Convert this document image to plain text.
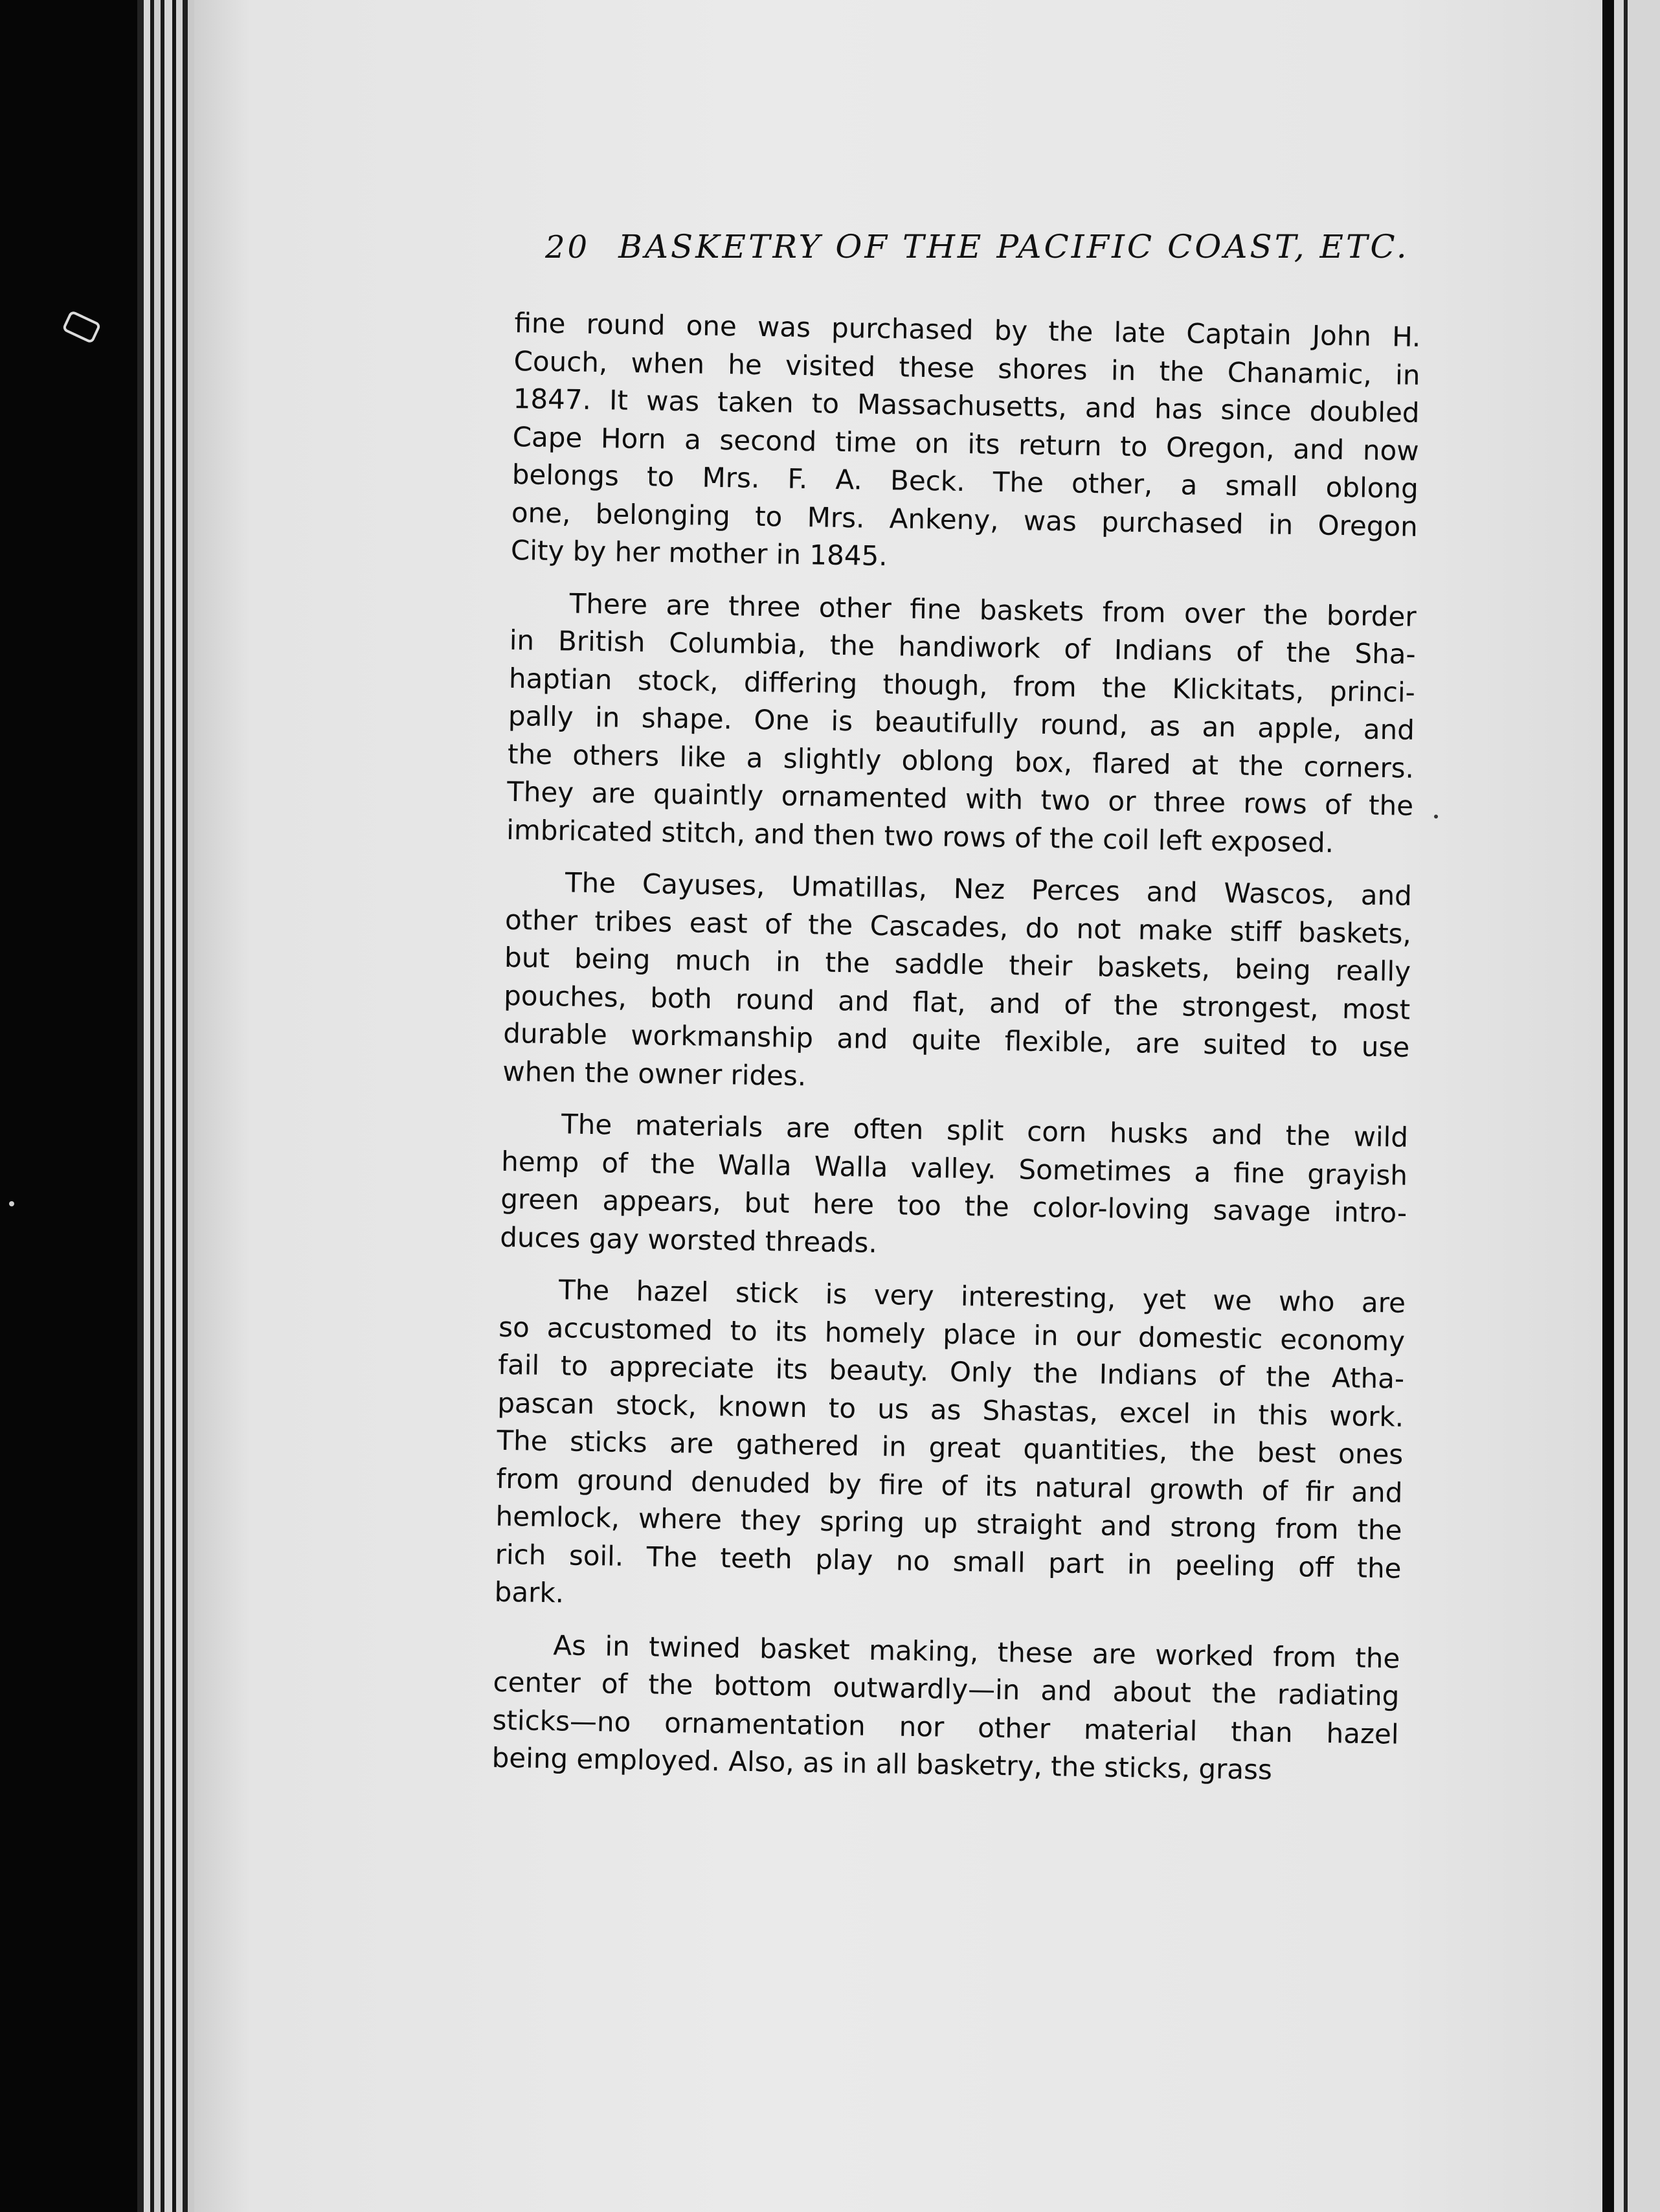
20 BASKETRY OF THE PACIFIC COAST, ETC.
fine round one was purchased by the late Captain John H.
Couch, when he visited these shores in the Chanamic, in
1847. It was taken to Massachusetts, and has since doubled
Cape Horn a second time on its return to Oregon, and now
belongs to Mrs. F. A. Beck. The other, a small oblong
one, belonging to Mrs. Ankeny, was purchased in Oregon
City by her mother in 1845.
There are three other fine baskets from over the border
in British Columbia, the handiwork of Indians of the Sha-
haptian stock, differing though, from the Klickitats, princi-
pally in shape. One is beautifully round, as an apple, and
the others like a slightly oblong box, flared at the corners.
They are quaintly ornamented with two or three rows of the
imbricated stitch, and then two rows of the coil left exposed.
The Cayuses, Umatillas, Nez Perces and Wascos, and
other tribes east of the Cascades, do not make stiff baskets,
but being much in the saddle their baskets, being really
pouches, both round and flat, and of the strongest, most
durable workmanship and quite flexible, are suited to use
when the owner rides.
The materials are often split corn husks and the wild
hemp of the Walla Walla valley. Sometimes a fine grayish
green appears, but here too the color-loving savage intro-
duces gay worsted threads.
The hazel stick is very interesting, yet we who are
so accustomed to its homely place in our domestic economy
fail to appreciate its beauty. Only the Indians of the Atha-
pascan stock, known to us as Shastas, excel in this work.
The sticks are gathered in great quantities, the best ones
from ground denuded by fire of its natural growth of fir and
hemlock, where they spring up straight and strong from the
rich soil. The teeth play no small part in peeling off the
bark.
As in twined basket making, these are worked from the
center of the bottom outwardly—in and about the radiating
sticks—no ornamentation nor other material than hazel
being employed. Also, as in all basketry, the sticks, grass
